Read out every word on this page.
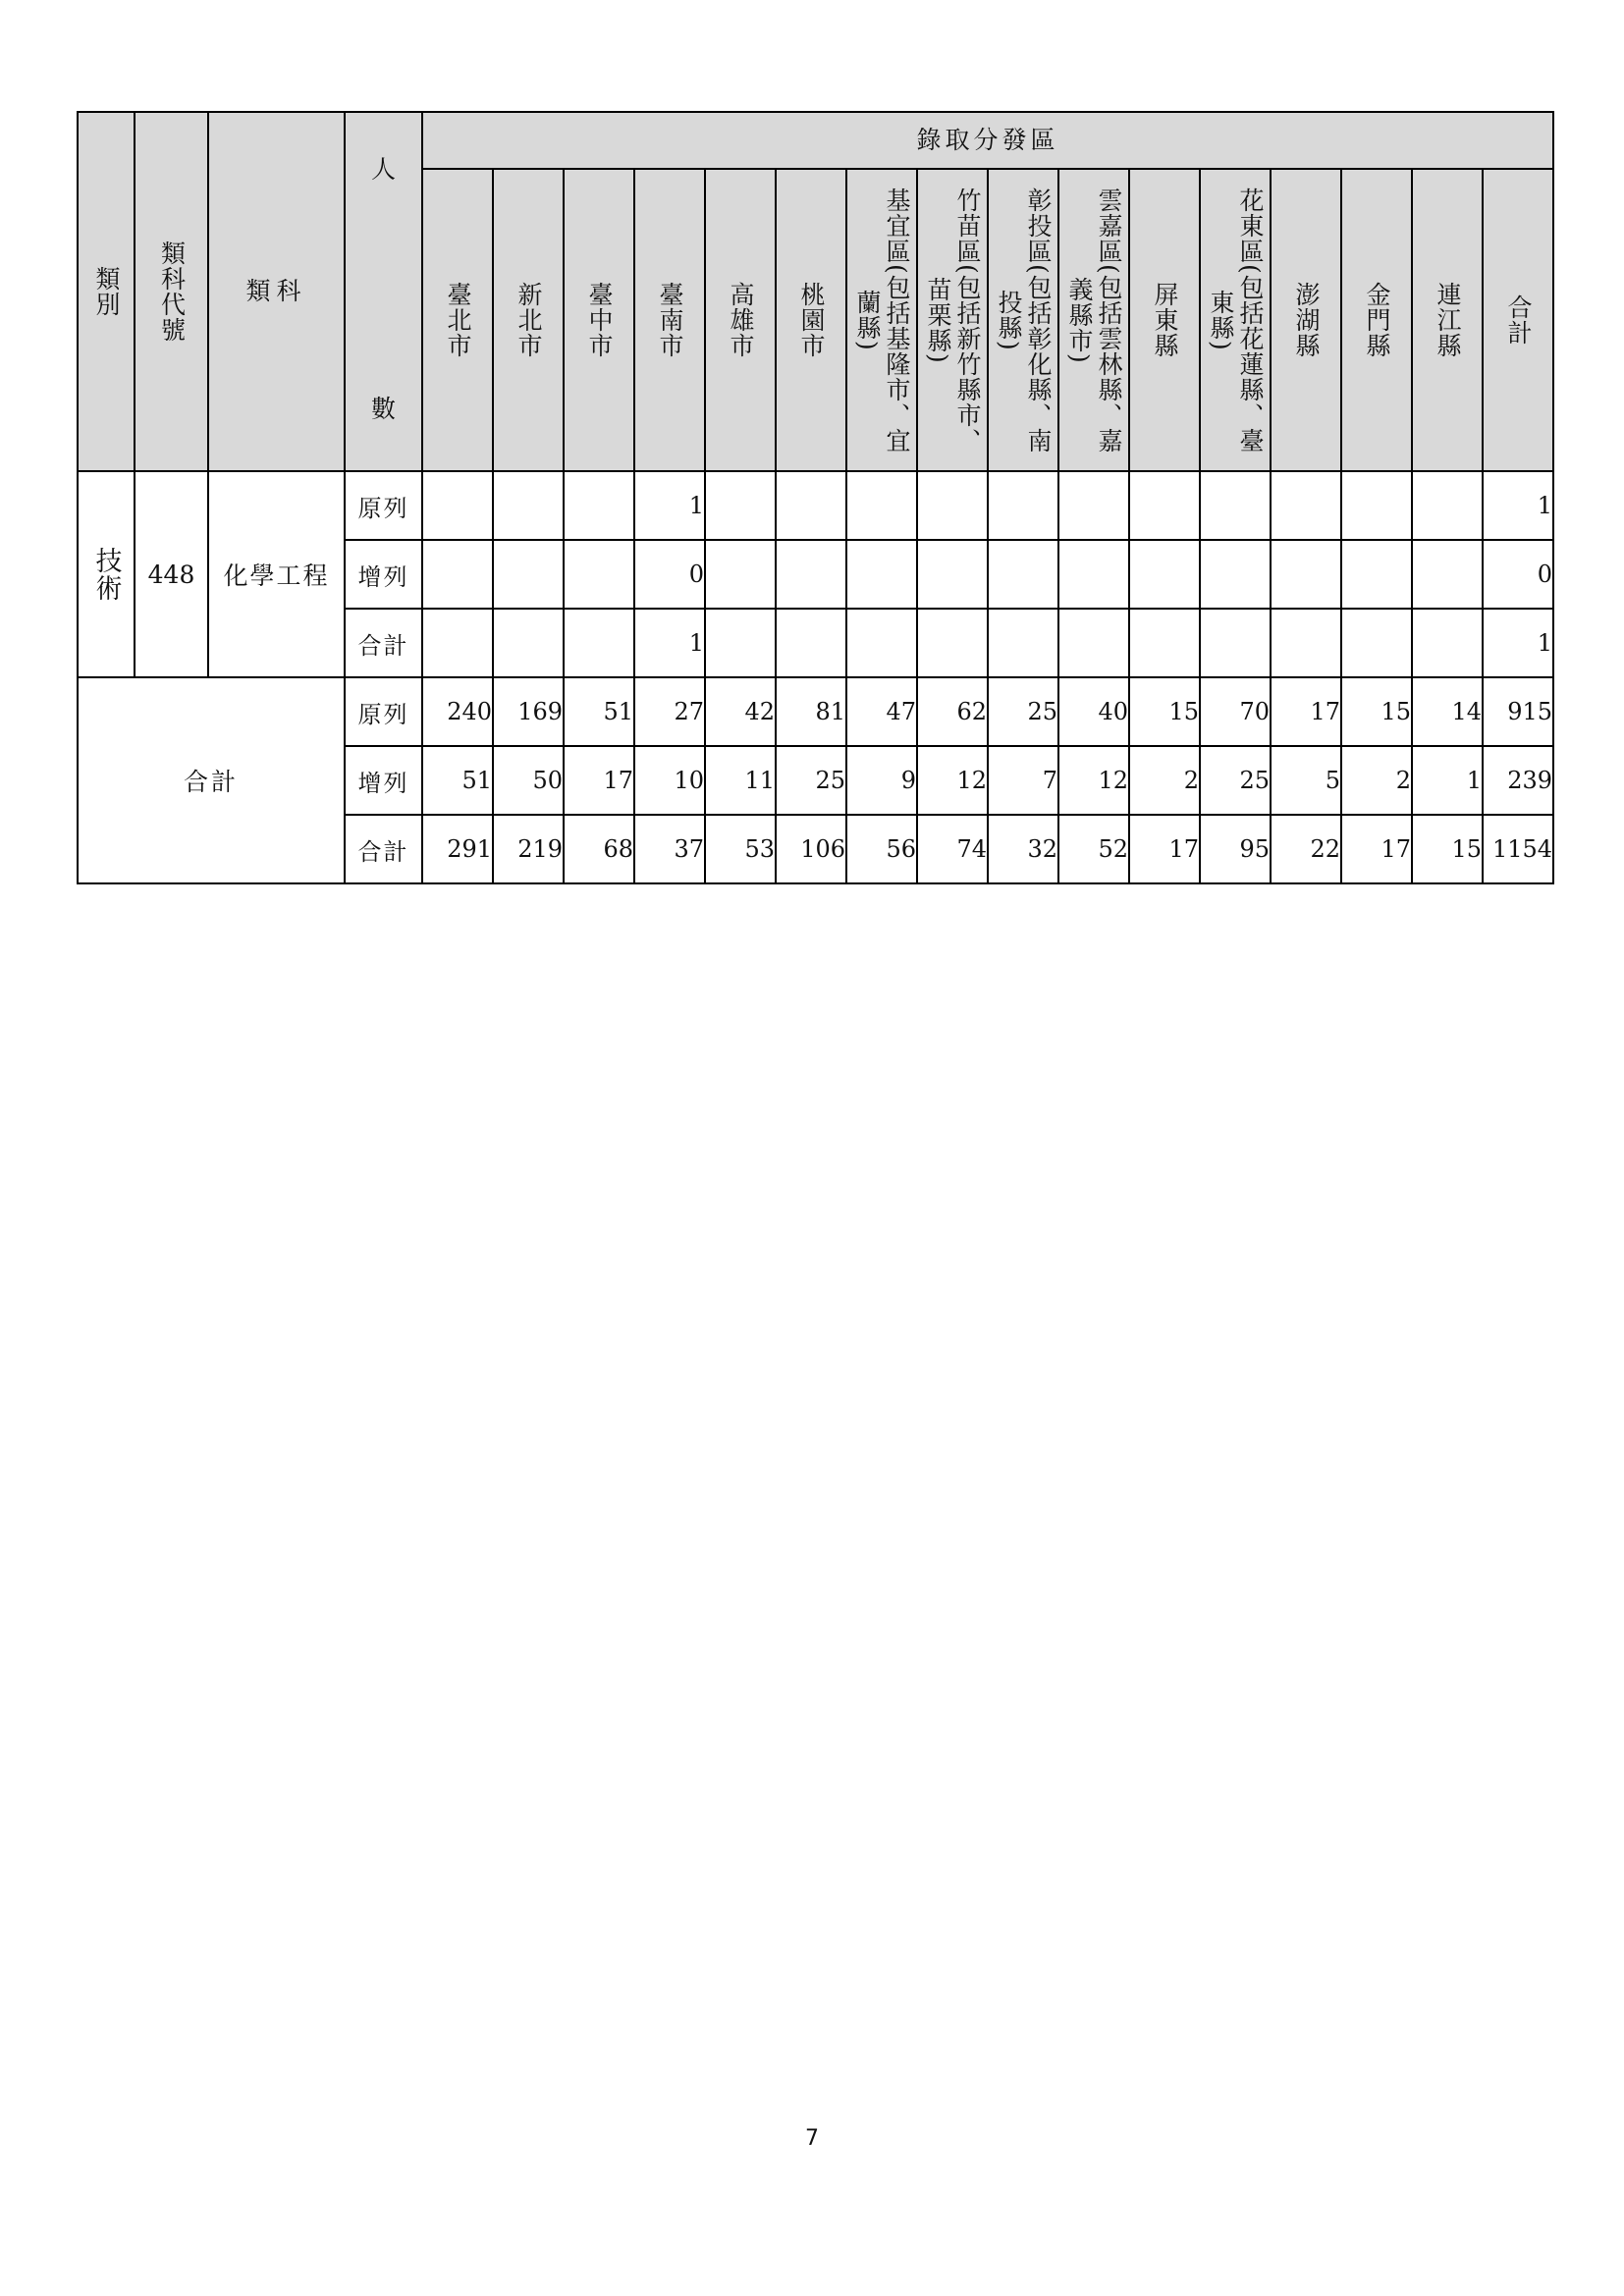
類別	類科代號	類科	人
數	錄取分發區															

				臺北市	新北市	臺中市	臺南市	高雄市	桃園市	基宜區(包括基隆市、宜蘭縣)	竹苗區(包括新竹縣市、苗栗縣)	彰投區(包括彰化縣、南投縣)	雲嘉區(包括雲林縣、嘉義縣市)	屏東縣	花東區(包括花蓮縣、臺東縣)	澎湖縣	金門縣	連江縣	合計

技術	448	化學工程	原列				1												1
			增列				0												0
			合計				1												1
合計			原列	240	169	51	27	42	81	47	62	25	40	15	70	17	15	14	915
			增列	51	50	17	10	11	25	9	12	7	12	2	25	5	2	1	239
			合計	291	219	68	37	53	106	56	74	32	52	17	95	22	17	15	1154
7
